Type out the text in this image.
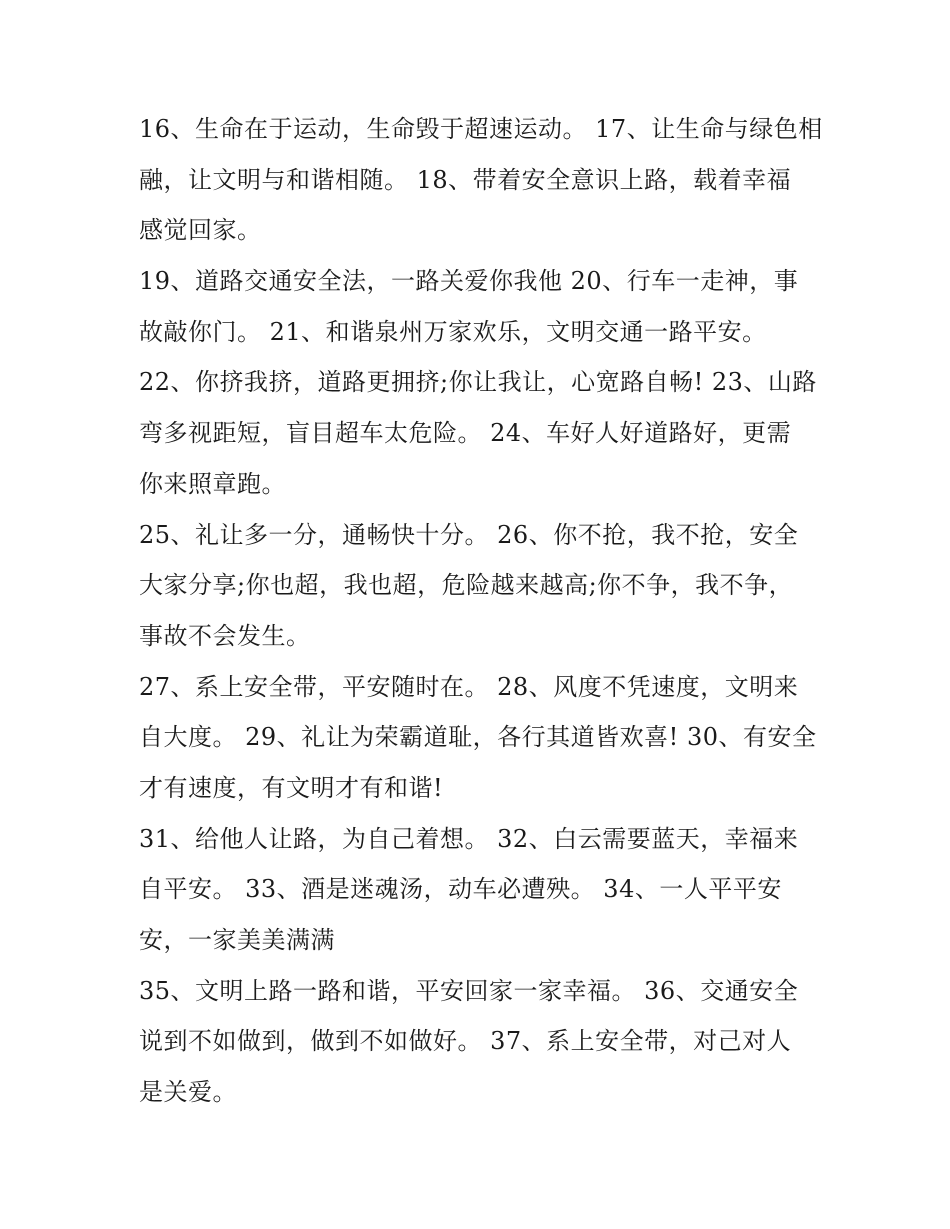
16、生命在于运动，生命毁于超速运动。 17、让生命与绿色相
融，让文明与和谐相随。 18、带着安全意识上路，载着幸福
感觉回家。
19、道路交通安全法，一路关爱你我他 20、行车一走神，事
故敲你门。 21、和谐泉州万家欢乐，文明交通一路平安。
22、你挤我挤，道路更拥挤;你让我让，心宽路自畅! 23、山路
弯多视距短，盲目超车太危险。 24、车好人好道路好，更需
你来照章跑。
25、礼让多一分，通畅快十分。 26、你不抢，我不抢，安全
大家分享;你也超，我也超，危险越来越高;你不争，我不争，
事故不会发生。
27、系上安全带，平安随时在。 28、风度不凭速度，文明来
自大度。 29、礼让为荣霸道耻，各行其道皆欢喜! 30、有安全
才有速度，有文明才有和谐!
31、给他人让路，为自己着想。 32、白云需要蓝天，幸福来
自平安。 33、酒是迷魂汤，动车必遭殃。 34、一人平平安
安，一家美美满满
35、文明上路一路和谐，平安回家一家幸福。 36、交通安全
说到不如做到，做到不如做好。 37、系上安全带，对己对人
是关爱。
